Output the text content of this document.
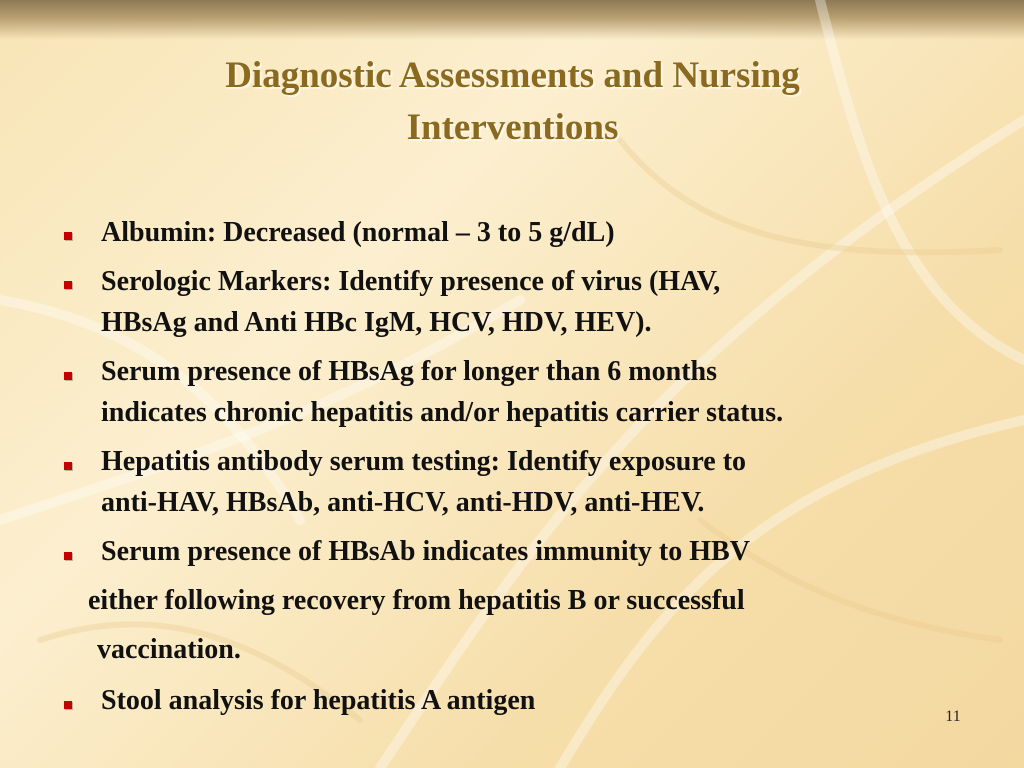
Diagnostic Assessments and Nursing
Interventions
Albumin: Decreased (normal – 3 to 5 g/dL)
Serologic Markers: Identify presence of virus (HAV,
HBsAg and Anti HBc IgM, HCV, HDV, HEV).
Serum presence of HBsAg for longer than 6 months
indicates chronic hepatitis and/or hepatitis carrier status.
Hepatitis antibody serum testing: Identify exposure to
anti-HAV, HBsAb, anti-HCV, anti-HDV, anti-HEV.
Serum presence of HBsAb indicates immunity to HBV
either following recovery from hepatitis B or successful
vaccination.
Stool analysis for hepatitis A antigen
11
